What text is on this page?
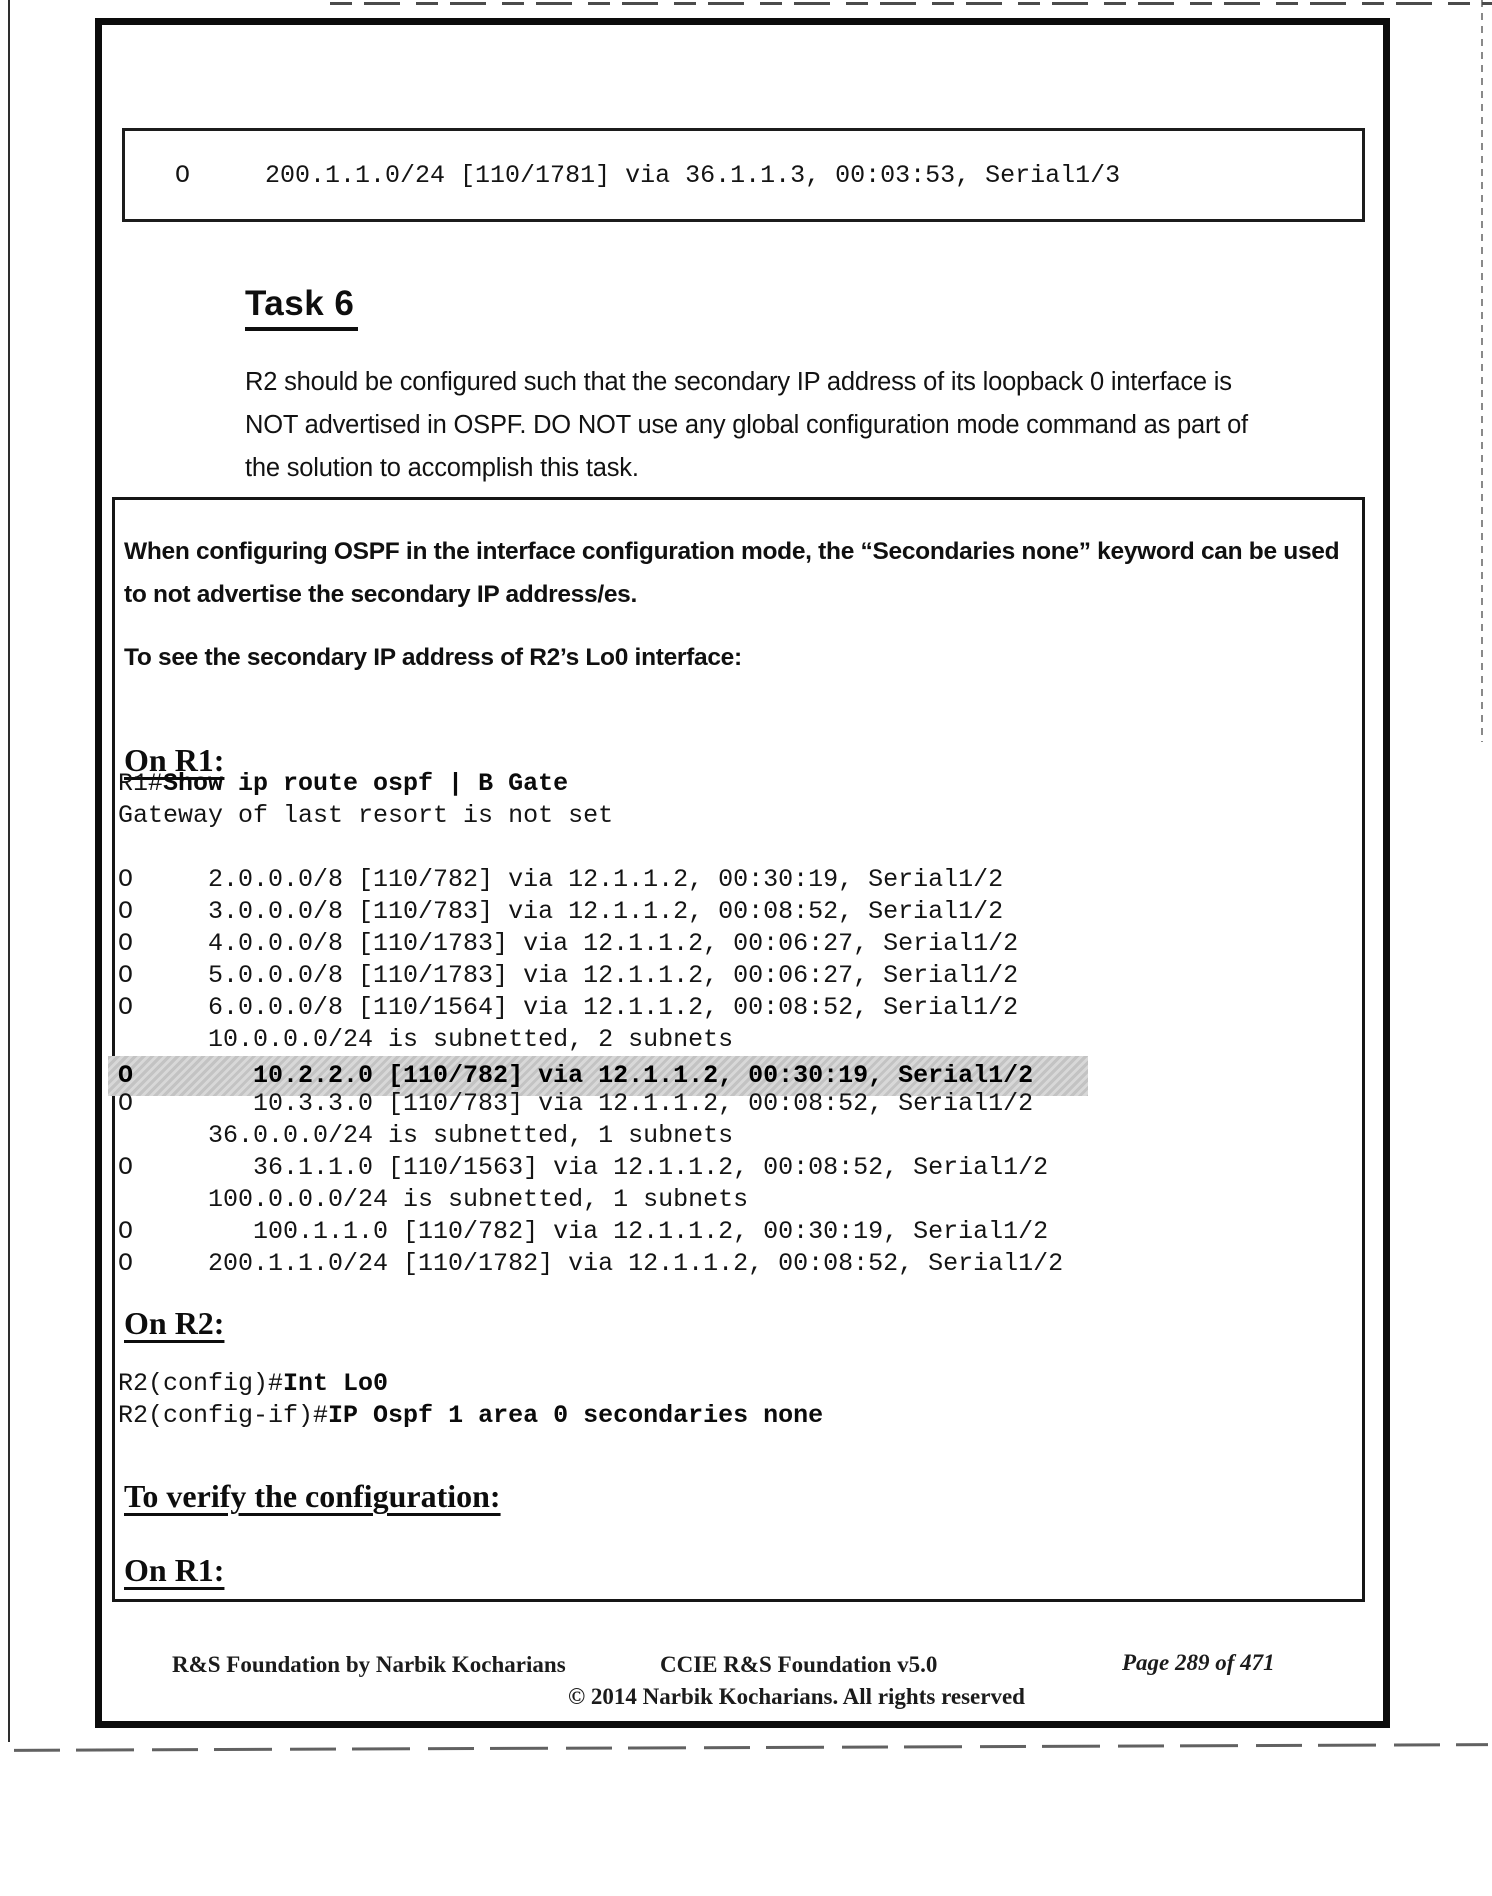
O     200.1.1.0/24 [110/1781] via 36.1.1.3, 00:03:53, Serial1/3
Task 6
R2 should be configured such that the secondary IP address of its loopback 0 interface is
NOT advertised in OSPF. DO NOT use any global configuration mode command as part of
the solution to accomplish this task.
When configuring OSPF in the interface configuration mode, the “Secondaries none” keyword can be used
to not advertise the secondary IP address/es.
To see the secondary IP address of R2’s Lo0 interface:
On R1:
R1#Show ip route ospf | B Gate
Gateway of last resort is not set
O     2.0.0.0/8 [110/782] via 12.1.1.2, 00:30:19, Serial1/2
O     3.0.0.0/8 [110/783] via 12.1.1.2, 00:08:52, Serial1/2
O     4.0.0.0/8 [110/1783] via 12.1.1.2, 00:06:27, Serial1/2
O     5.0.0.0/8 [110/1783] via 12.1.1.2, 00:06:27, Serial1/2
O     6.0.0.0/8 [110/1564] via 12.1.1.2, 00:08:52, Serial1/2
10.0.0.0/24 is subnetted, 2 subnets
O        10.2.2.0 [110/782] via 12.1.1.2, 00:30:19, Serial1/2
O        10.3.3.0 [110/783] via 12.1.1.2, 00:08:52, Serial1/2
36.0.0.0/24 is subnetted, 1 subnets
O        36.1.1.0 [110/1563] via 12.1.1.2, 00:08:52, Serial1/2
100.0.0.0/24 is subnetted, 1 subnets
O        100.1.1.0 [110/782] via 12.1.1.2, 00:30:19, Serial1/2
O     200.1.1.0/24 [110/1782] via 12.1.1.2, 00:08:52, Serial1/2
On R2:
R2(config)#Int Lo0
R2(config-if)#IP Ospf 1 area 0 secondaries none
To verify the configuration:
On R1:
R&S Foundation by Narbik Kocharians	CCIE R&S Foundation v5.0	Page 289 of 471
© 2014 Narbik Kocharians. All rights reserved
